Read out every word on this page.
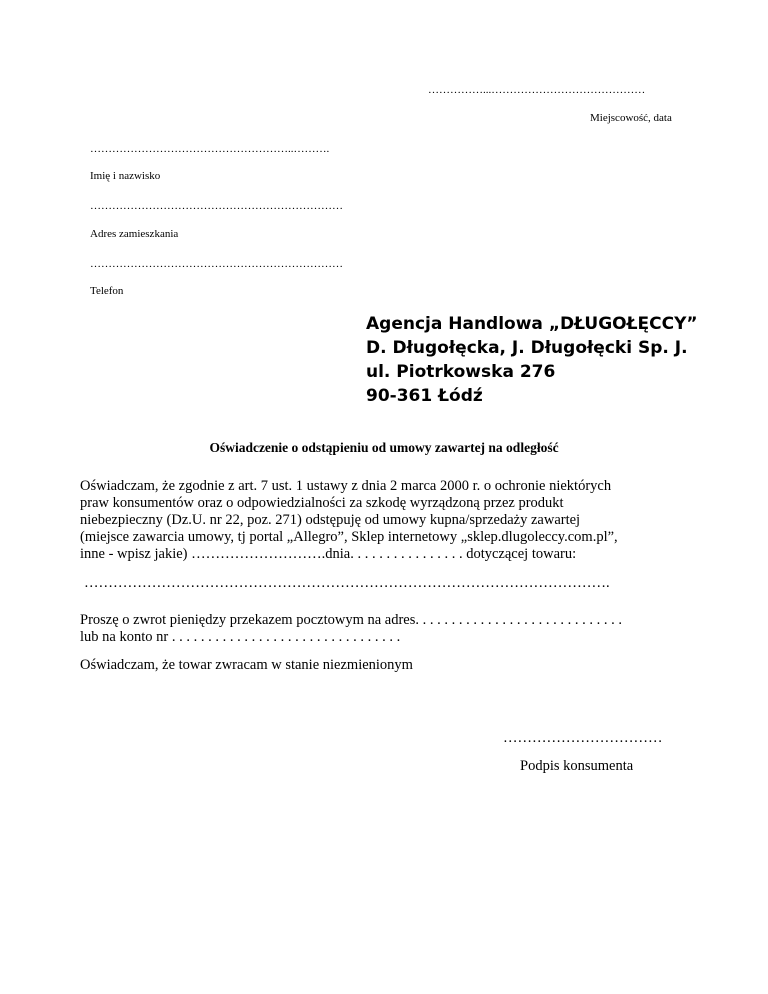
……………...……………………………………
Miejscowość, data
………………………………………………..……….
Imię i nazwisko
……………………………………………………………
Adres zamieszkania
……………………………………………………………
Telefon
Agencja Handlowa „DŁUGOŁĘCCY”
D. Długołęcka, J. Długołęcki Sp. J.
ul. Piotrkowska 276
90-361 Łódź
Oświadczenie o odstąpieniu od umowy zawartej na odległość
Oświadczam, że zgodnie z art. 7 ust. 1 ustawy z dnia 2 marca 2000 r. o ochronie niektórych
praw konsumentów oraz o odpowiedzialności za szkodę wyrządzoną przez produkt
niebezpieczny (Dz.U. nr 22, poz. 271) odstępuję od umowy kupna/sprzedaży zawartej
(miejsce zawarcia umowy, tj portal „Allegro”, Sklep internetowy „sklep.dlugoleccy.com.pl”,
inne - wpisz jakie) ……………………….dnia. . . . . . . . . . . . . . . . dotyczącej towaru:
……………………………………………………………………………………………….
Proszę o zwrot pieniędzy przekazem pocztowym na adres. . . . . . . . . . . . . . . . . . . . . . . . . . . . .
lub na konto nr . . . . . . . . . . . . . . . . . . . . . . . . . . . . . . . .
Oświadczam, że towar zwracam w stanie niezmienionym
……………………………
Podpis konsumenta
